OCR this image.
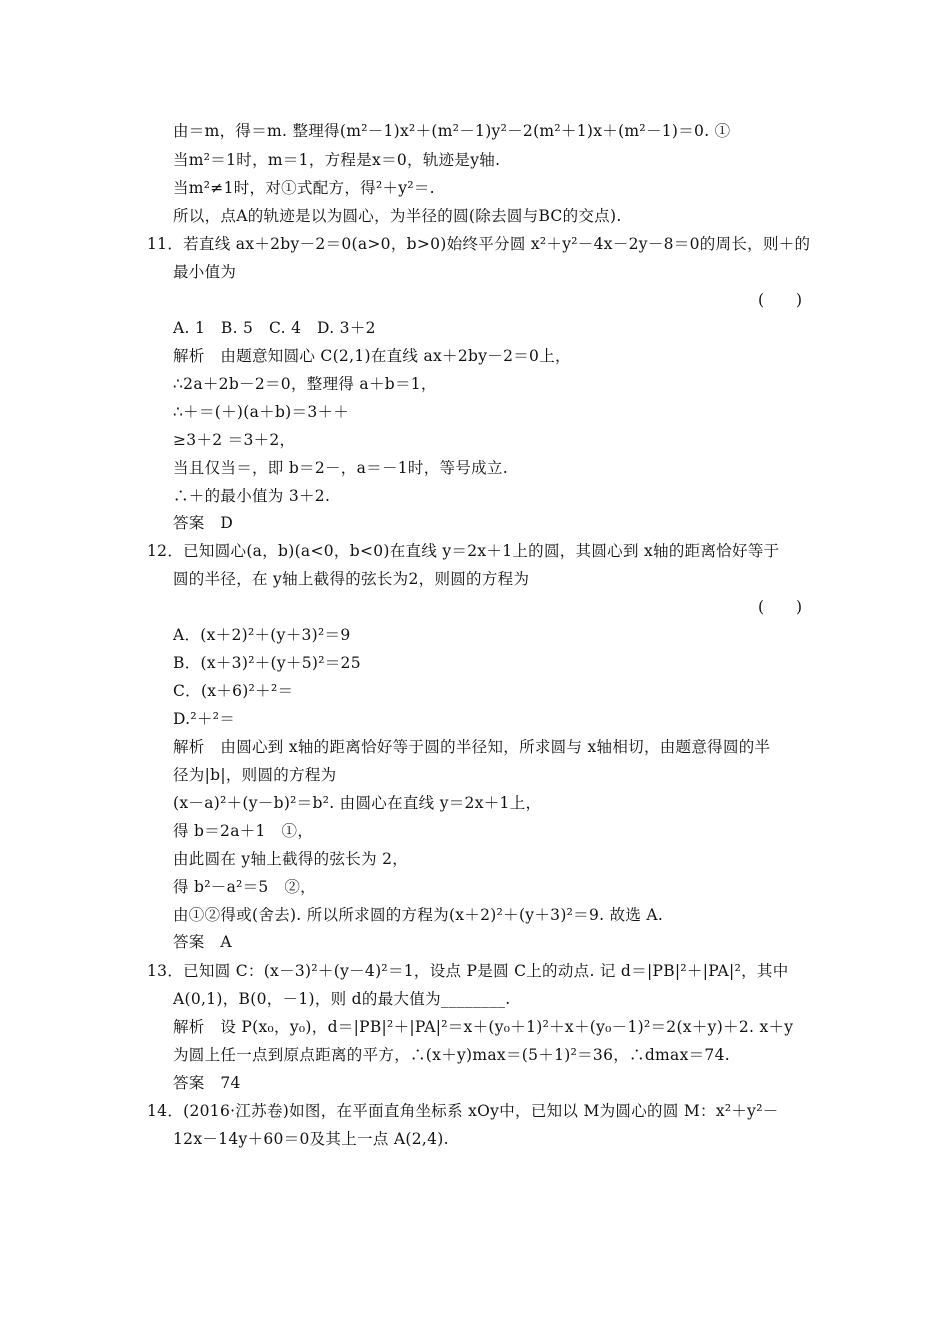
由＝m，得＝m. 整理得(m²－1)x²＋(m²－1)y²－2(m²＋1)x＋(m²－1)＝0. ①
当m²＝1时，m＝1，方程是x＝0，轨迹是y轴.
当m²≠1时，对①式配方，得²＋y²＝.
所以，点A的轨迹是以为圆心，为半径的圆(除去圆与BC的交点).
11．若直线 ax＋2by－2＝0(a>0，b>0)始终平分圆 x²＋y²－4x－2y－8＝0的周长，则＋的
最小值为
(　　)
A. 1　B. 5　C. 4　D. 3＋2
解析　由题意知圆心 C(2,1)在直线 ax＋2by－2＝0上，
∴2a＋2b－2＝0，整理得 a＋b＝1，
∴＋＝(＋)(a＋b)＝3＋＋
≥3＋2 ＝3＋2，
当且仅当＝，即 b＝2－，a＝－1时，等号成立.
∴＋的最小值为 3＋2.
答案　D
12．已知圆心(a，b)(a<0，b<0)在直线 y＝2x＋1上的圆，其圆心到 x轴的距离恰好等于
圆的半径，在 y轴上截得的弦长为2，则圆的方程为
(　　)
A．(x＋2)²＋(y＋3)²＝9
B．(x＋3)²＋(y＋5)²＝25
C．(x＋6)²＋²＝
D.²＋²＝
解析　由圆心到 x轴的距离恰好等于圆的半径知，所求圆与 x轴相切，由题意得圆的半
径为|b|，则圆的方程为
(x－a)²＋(y－b)²＝b². 由圆心在直线 y＝2x＋1上，
得 b＝2a＋1　①，
由此圆在 y轴上截得的弦长为 2，
得 b²－a²＝5　②，
由①②得或(舍去). 所以所求圆的方程为(x＋2)²＋(y＋3)²＝9. 故选 A.
答案　A
13．已知圆 C：(x－3)²＋(y－4)²＝1，设点 P是圆 C上的动点. 记 d＝|PB|²＋|PA|²，其中
A(0,1)，B(0，－1)，则 d的最大值为________.
解析　设 P(x₀，y₀)，d＝|PB|²＋|PA|²＝x＋(y₀＋1)²＋x＋(y₀－1)²＝2(x＋y)＋2. x＋y
为圆上任一点到原点距离的平方，∴(x＋y)max＝(5＋1)²＝36，∴dmax＝74.
答案　74
14．(2016·江苏卷)如图，在平面直角坐标系 xOy中，已知以 M为圆心的圆 M：x²＋y²－
12x－14y＋60＝0及其上一点 A(2,4).
